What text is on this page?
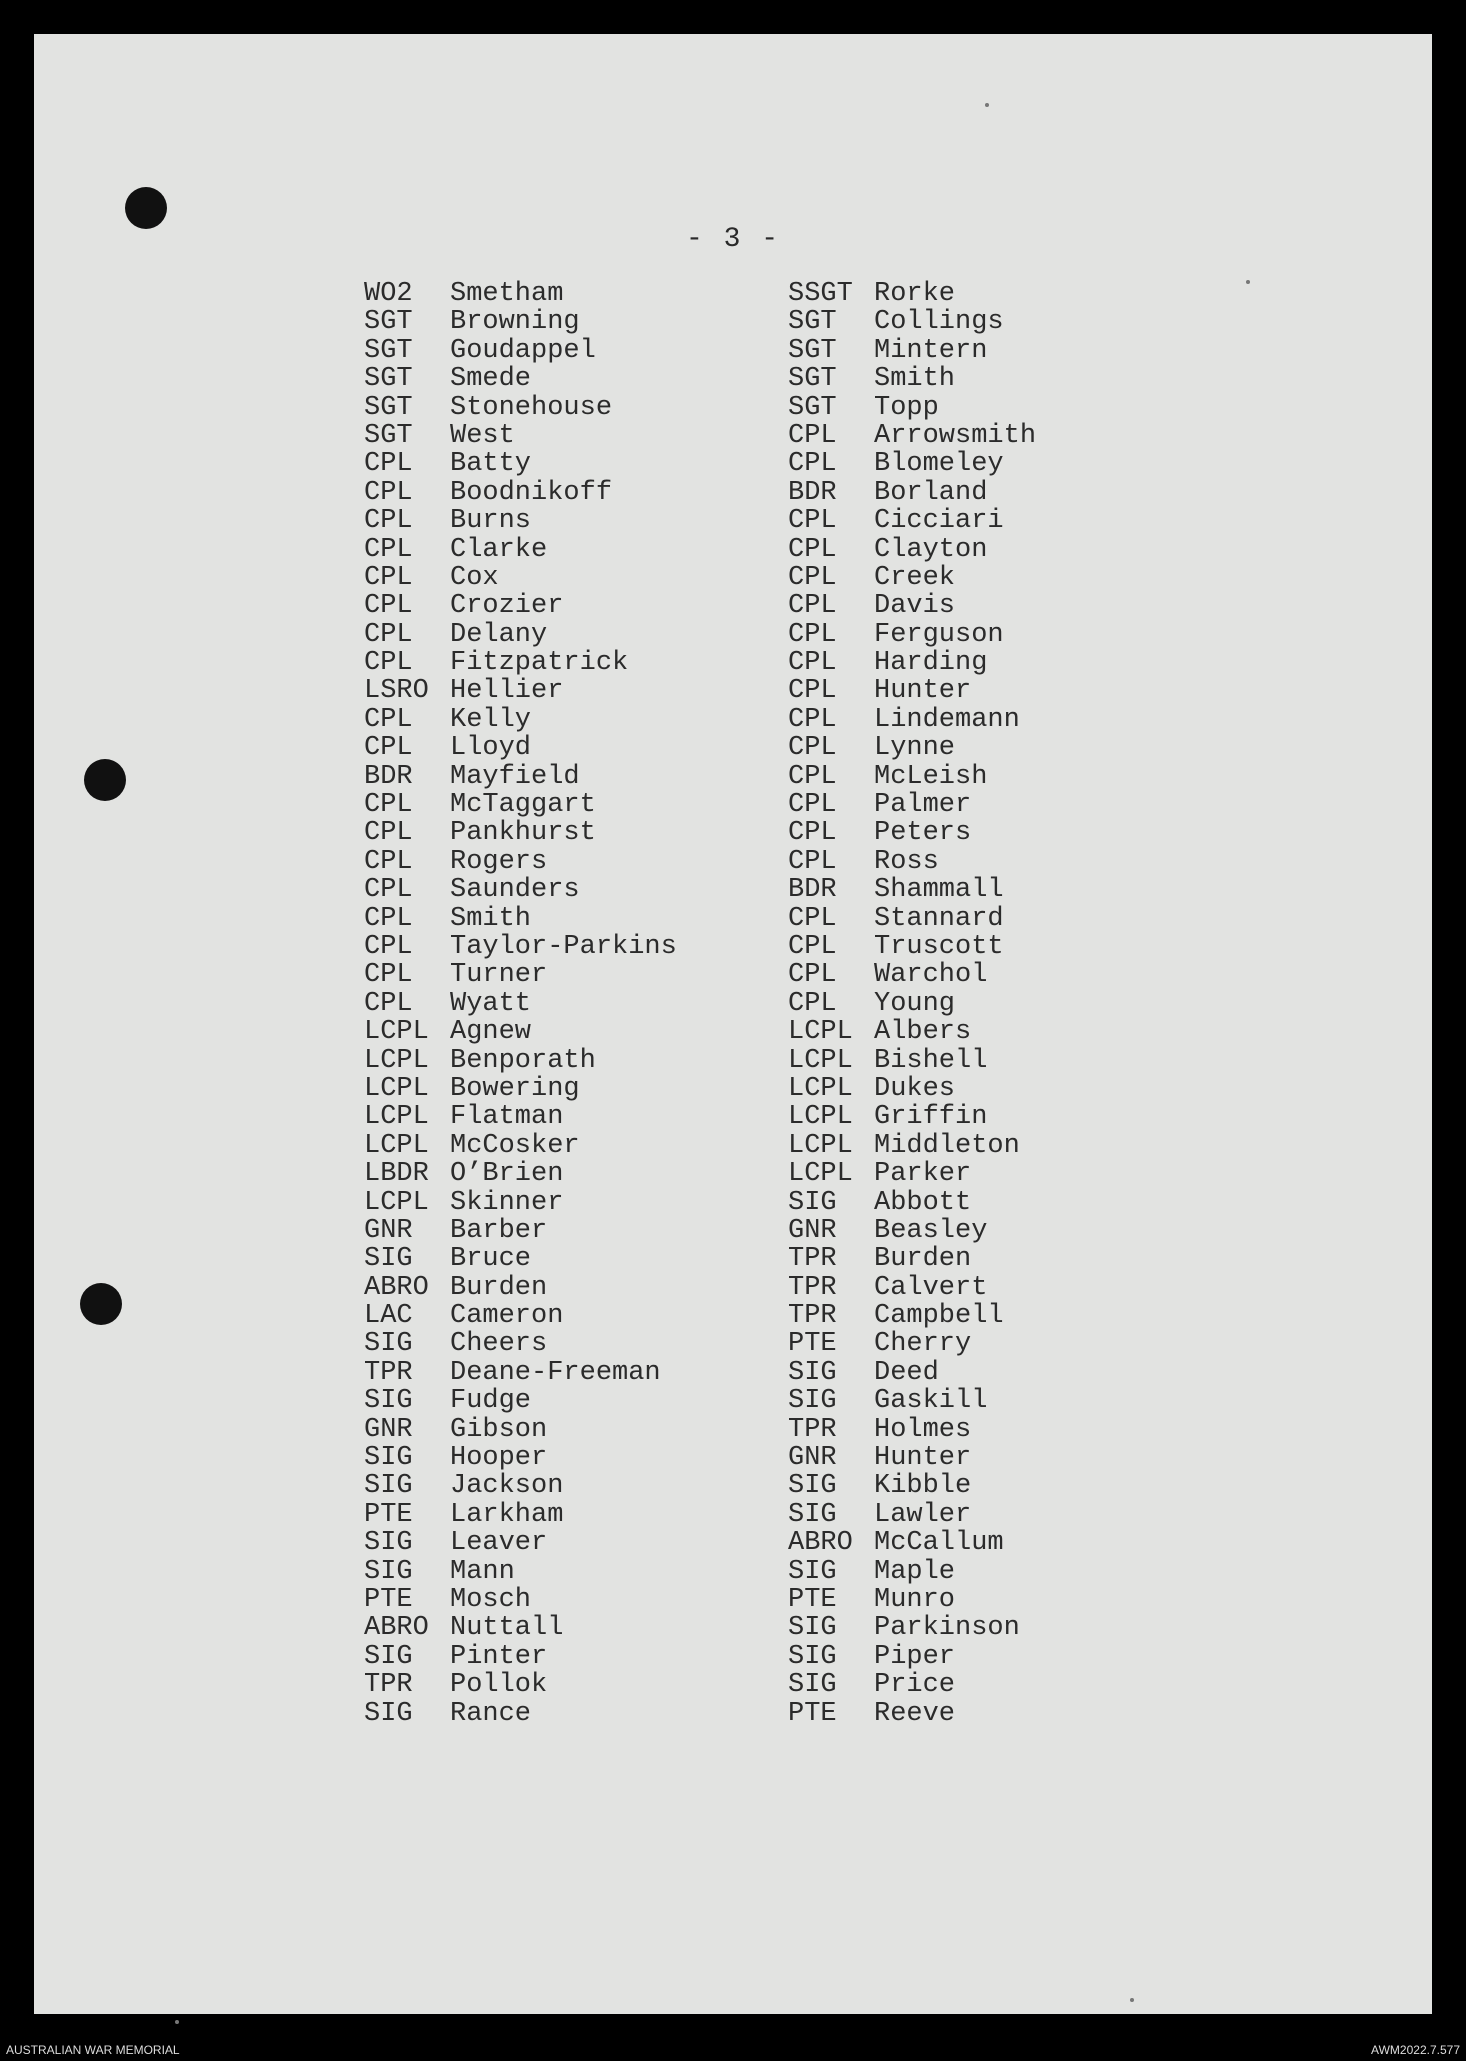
- 3 -
WO2 Smetham
SGT Browning
SGT Goudappel
SGT Smede
SGT Stonehouse
SGT West
CPL Batty
CPL Boodnikoff
CPL Burns
CPL Clarke
CPL Cox
CPL Crozier
CPL Delany
CPL Fitzpatrick
LSRO Hellier
CPL Kelly
CPL Lloyd
BDR Mayfield
CPL McTaggart
CPL Pankhurst
CPL Rogers
CPL Saunders
CPL Smith
CPL Taylor-Parkins
CPL Turner
CPL Wyatt
LCPL Agnew
LCPL Benporath
LCPL Bowering
LCPL Flatman
LCPL McCosker
LBDR O’Brien
LCPL Skinner
GNR Barber
SIG Bruce
ABRO Burden
LAC Cameron
SIG Cheers
TPR Deane-Freeman
SIG Fudge
GNR Gibson
SIG Hooper
SIG Jackson
PTE Larkham
SIG Leaver
SIG Mann
PTE Mosch
ABRO Nuttall
SIG Pinter
TPR Pollok
SIG Rance
SSGT Rorke
SGT Collings
SGT Mintern
SGT Smith
SGT Topp
CPL Arrowsmith
CPL Blomeley
BDR Borland
CPL Cicciari
CPL Clayton
CPL Creek
CPL Davis
CPL Ferguson
CPL Harding
CPL Hunter
CPL Lindemann
CPL Lynne
CPL McLeish
CPL Palmer
CPL Peters
CPL Ross
BDR Shammall
CPL Stannard
CPL Truscott
CPL Warchol
CPL Young
LCPL Albers
LCPL Bishell
LCPL Dukes
LCPL Griffin
LCPL Middleton
LCPL Parker
SIG Abbott
GNR Beasley
TPR Burden
TPR Calvert
TPR Campbell
PTE Cherry
SIG Deed
SIG Gaskill
TPR Holmes
GNR Hunter
SIG Kibble
SIG Lawler
ABRO McCallum
SIG Maple
PTE Munro
SIG Parkinson
SIG Piper
SIG Price
PTE Reeve
AUSTRALIAN WAR MEMORIAL	AWM2022.7.577
